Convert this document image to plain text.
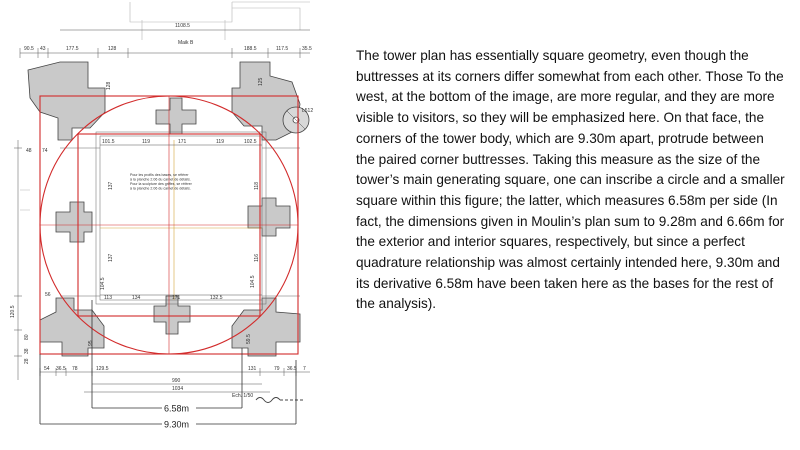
1108.5
Maik B
90.5 43	177.5	128	188.5	117.5	35.5
L512
101.5	119	171	119	102.5
113	134	171	132.5
137
137
118
116
128
104.5	104.5
95	59.5
125
Pour les profils des bases, se référer
à la planche 2.06 du carnet de détails.
Pour la sculpture des griffes, se référer
à la planche 2.06 du carnet de détails.
48 74
56
120.5
80
38
28
54 36.5 78	129.5	131	79 36.5 7
990
1034
Ech. 1/50
6.58m
9.30m

The tower plan has essentially square geometry, even though the buttresses at its corners differ somewhat from each other. Those To the west, at the bottom of the image, are more regular, and they are more visible to visitors, so they will be emphasized here. On that face, the corners of the tower body, which are 9.30m apart, protrude between the paired corner buttresses. Taking this measure as the size of the tower’s main generating square, one can inscribe a circle and a smaller square within this figure; the latter, which measures 6.58m per side (In fact, the dimensions given in Moulin’s plan sum to 9.28m and 6.66m for the exterior and interior squares, respectively, but since a perfect quadrature relationship was almost certainly intended here, 9.30m and its derivative 6.58m have been taken here as the bases for the rest of the analysis).
